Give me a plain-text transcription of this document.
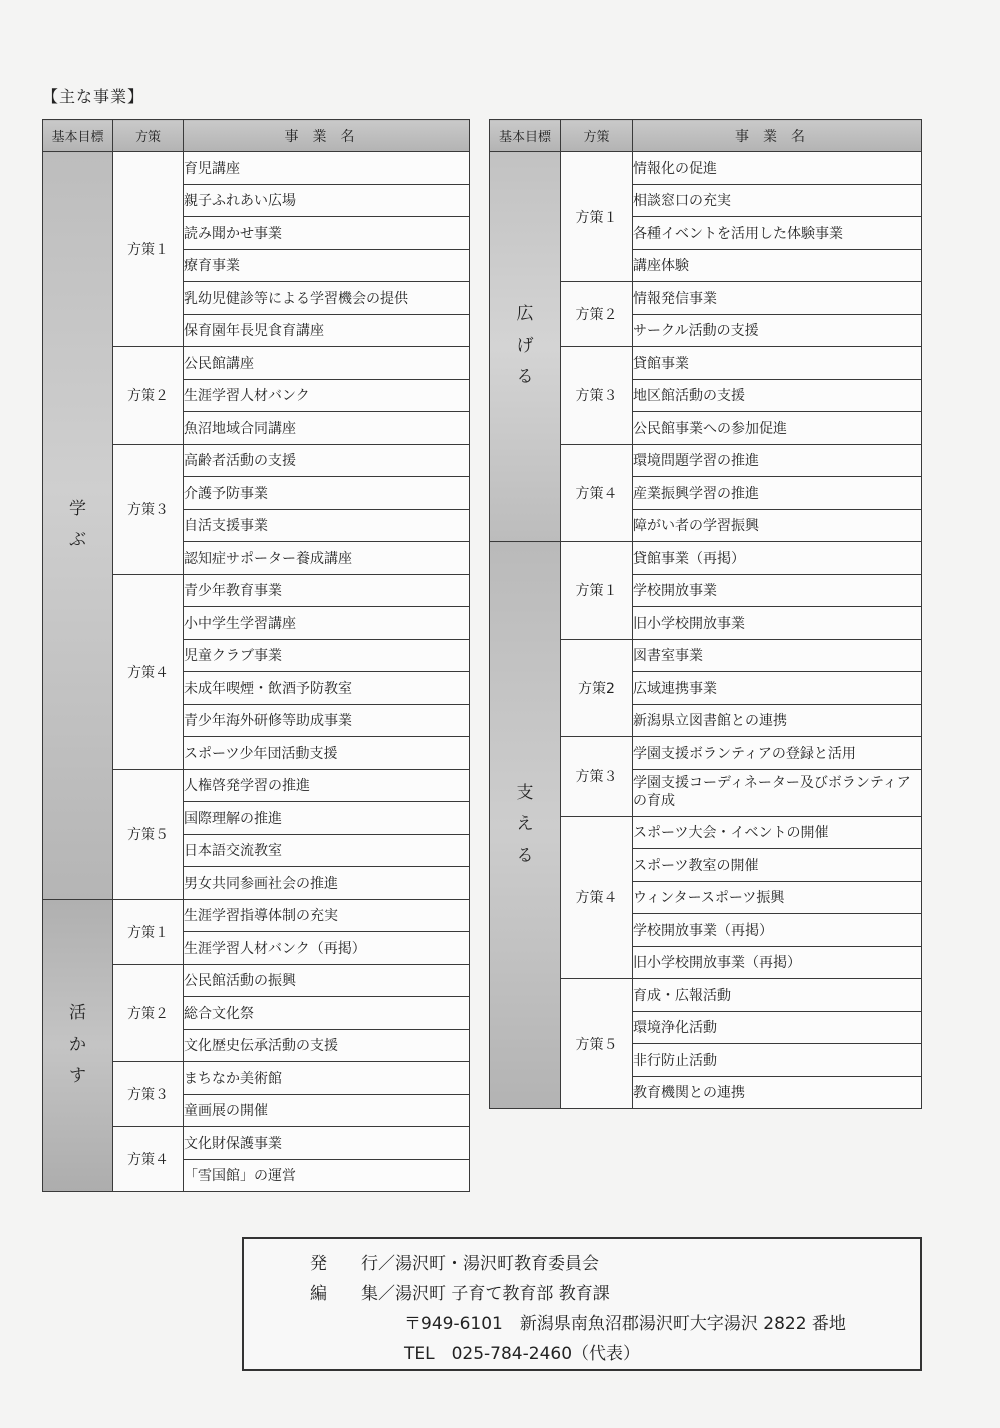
【主な事業】
基本目標	方策	事業名
学ぶ	方策１	育児講座
		親子ふれあい広場
		読み聞かせ事業
		療育事業
		乳幼児健診等による学習機会の提供
		保育園年長児食育講座
	方策２	公民館講座
		生涯学習人材バンク
		魚沼地域合同講座
	方策３	高齢者活動の支援
		介護予防事業
		自活支援事業
		認知症サポーター養成講座
	方策４	青少年教育事業
		小中学生学習講座
		児童クラブ事業
		未成年喫煙・飲酒予防教室
		青少年海外研修等助成事業
		スポーツ少年団活動支援
	方策５	人権啓発学習の推進
		国際理解の推進
		日本語交流教室
		男女共同参画社会の推進
活かす	方策１	生涯学習指導体制の充実
		生涯学習人材バンク（再掲）
	方策２	公民館活動の振興
		総合文化祭
		文化歴史伝承活動の支援
	方策３	まちなか美術館
		童画展の開催
	方策４	文化財保護事業
		「雪国館」の運営
基本目標	方策	事業名
広げる	方策１	情報化の促進
		相談窓口の充実
		各種イベントを活用した体験事業
		講座体験
	方策２	情報発信事業
		サークル活動の支援
	方策３	貸館事業
		地区館活動の支援
		公民館事業への参加促進
	方策４	環境問題学習の推進
		産業振興学習の推進
		障がい者の学習振興
支える	方策１	貸館事業（再掲）
		学校開放事業
		旧小学校開放事業
	方策2	図書室事業
		広域連携事業
		新潟県立図書館との連携
	方策３	学園支援ボランティアの登録と活用
		学園支援コーディネーター及びボランティアの育成
	方策４	スポーツ大会・イベントの開催
		スポーツ教室の開催
		ウィンタースポーツ振興
		学校開放事業（再掲）
		旧小学校開放事業（再掲）
	方策５	育成・広報活動
		環境浄化活動
		非行防止活動
		教育機関との連携
発　　行／湯沢町・湯沢町教育委員会
編　　集／湯沢町 子育て教育部 教育課
〒949-6101　新潟県南魚沼郡湯沢町大字湯沢 2822 番地
TEL　025-784-2460（代表）
